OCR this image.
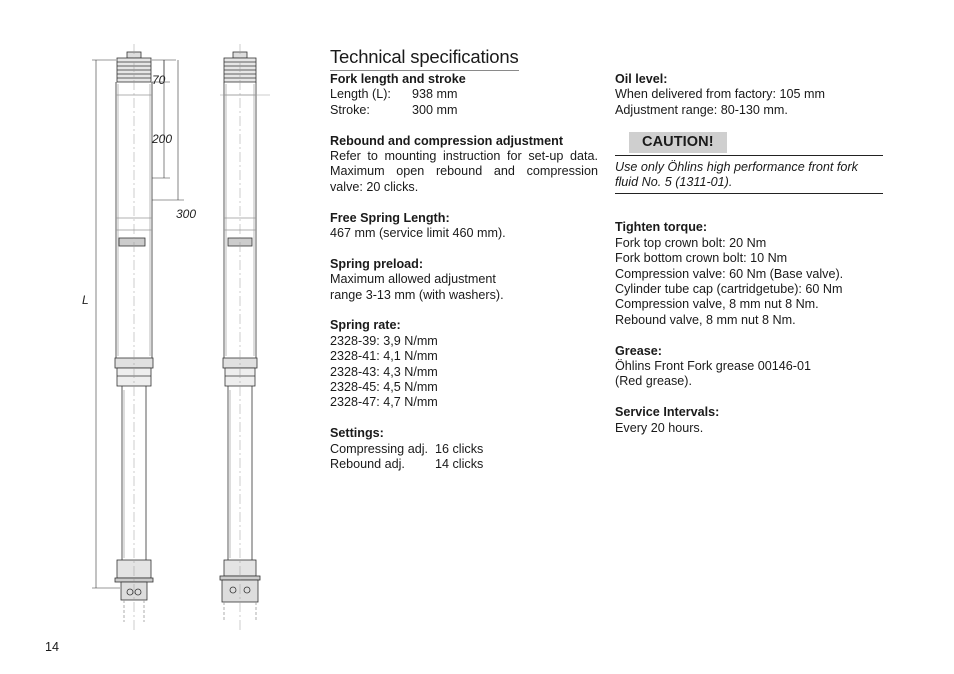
70
200
300
L
Technical specifications
Fork length and stroke
Length (L):	938 mm
Stroke:	300 mm
Rebound and compression adjustment
Refer to mounting instruction for set-up data. Maximum open rebound and compression valve: 20 clicks.
Free Spring Length:
467 mm (service limit 460 mm).
Spring preload:
Maximum allowed adjustment
range 3-13 mm (with washers).
Spring rate:
2328-39: 3,9 N/mm
2328-41: 4,1 N/mm
2328-43: 4,3 N/mm
2328-45: 4,5 N/mm
2328-47: 4,7 N/mm
Settings:
Compressing adj. 16 clicks
Rebound adj.	14 clicks
Oil level:
When delivered from factory: 105 mm
Adjustment range: 80-130 mm.
CAUTION!
Use only Öhlins high performance front fork fluid No. 5 (1311-01).
Tighten torque:
Fork top crown bolt: 20 Nm
Fork bottom crown bolt: 10 Nm
Compression valve: 60 Nm (Base valve).
Cylinder tube cap (cartridgetube): 60 Nm
Compression valve, 8 mm nut 8 Nm.
Rebound valve, 8 mm nut 8 Nm.
Grease:
Öhlins Front Fork grease 00146-01
(Red grease).
Service Intervals:
Every 20 hours.
14
